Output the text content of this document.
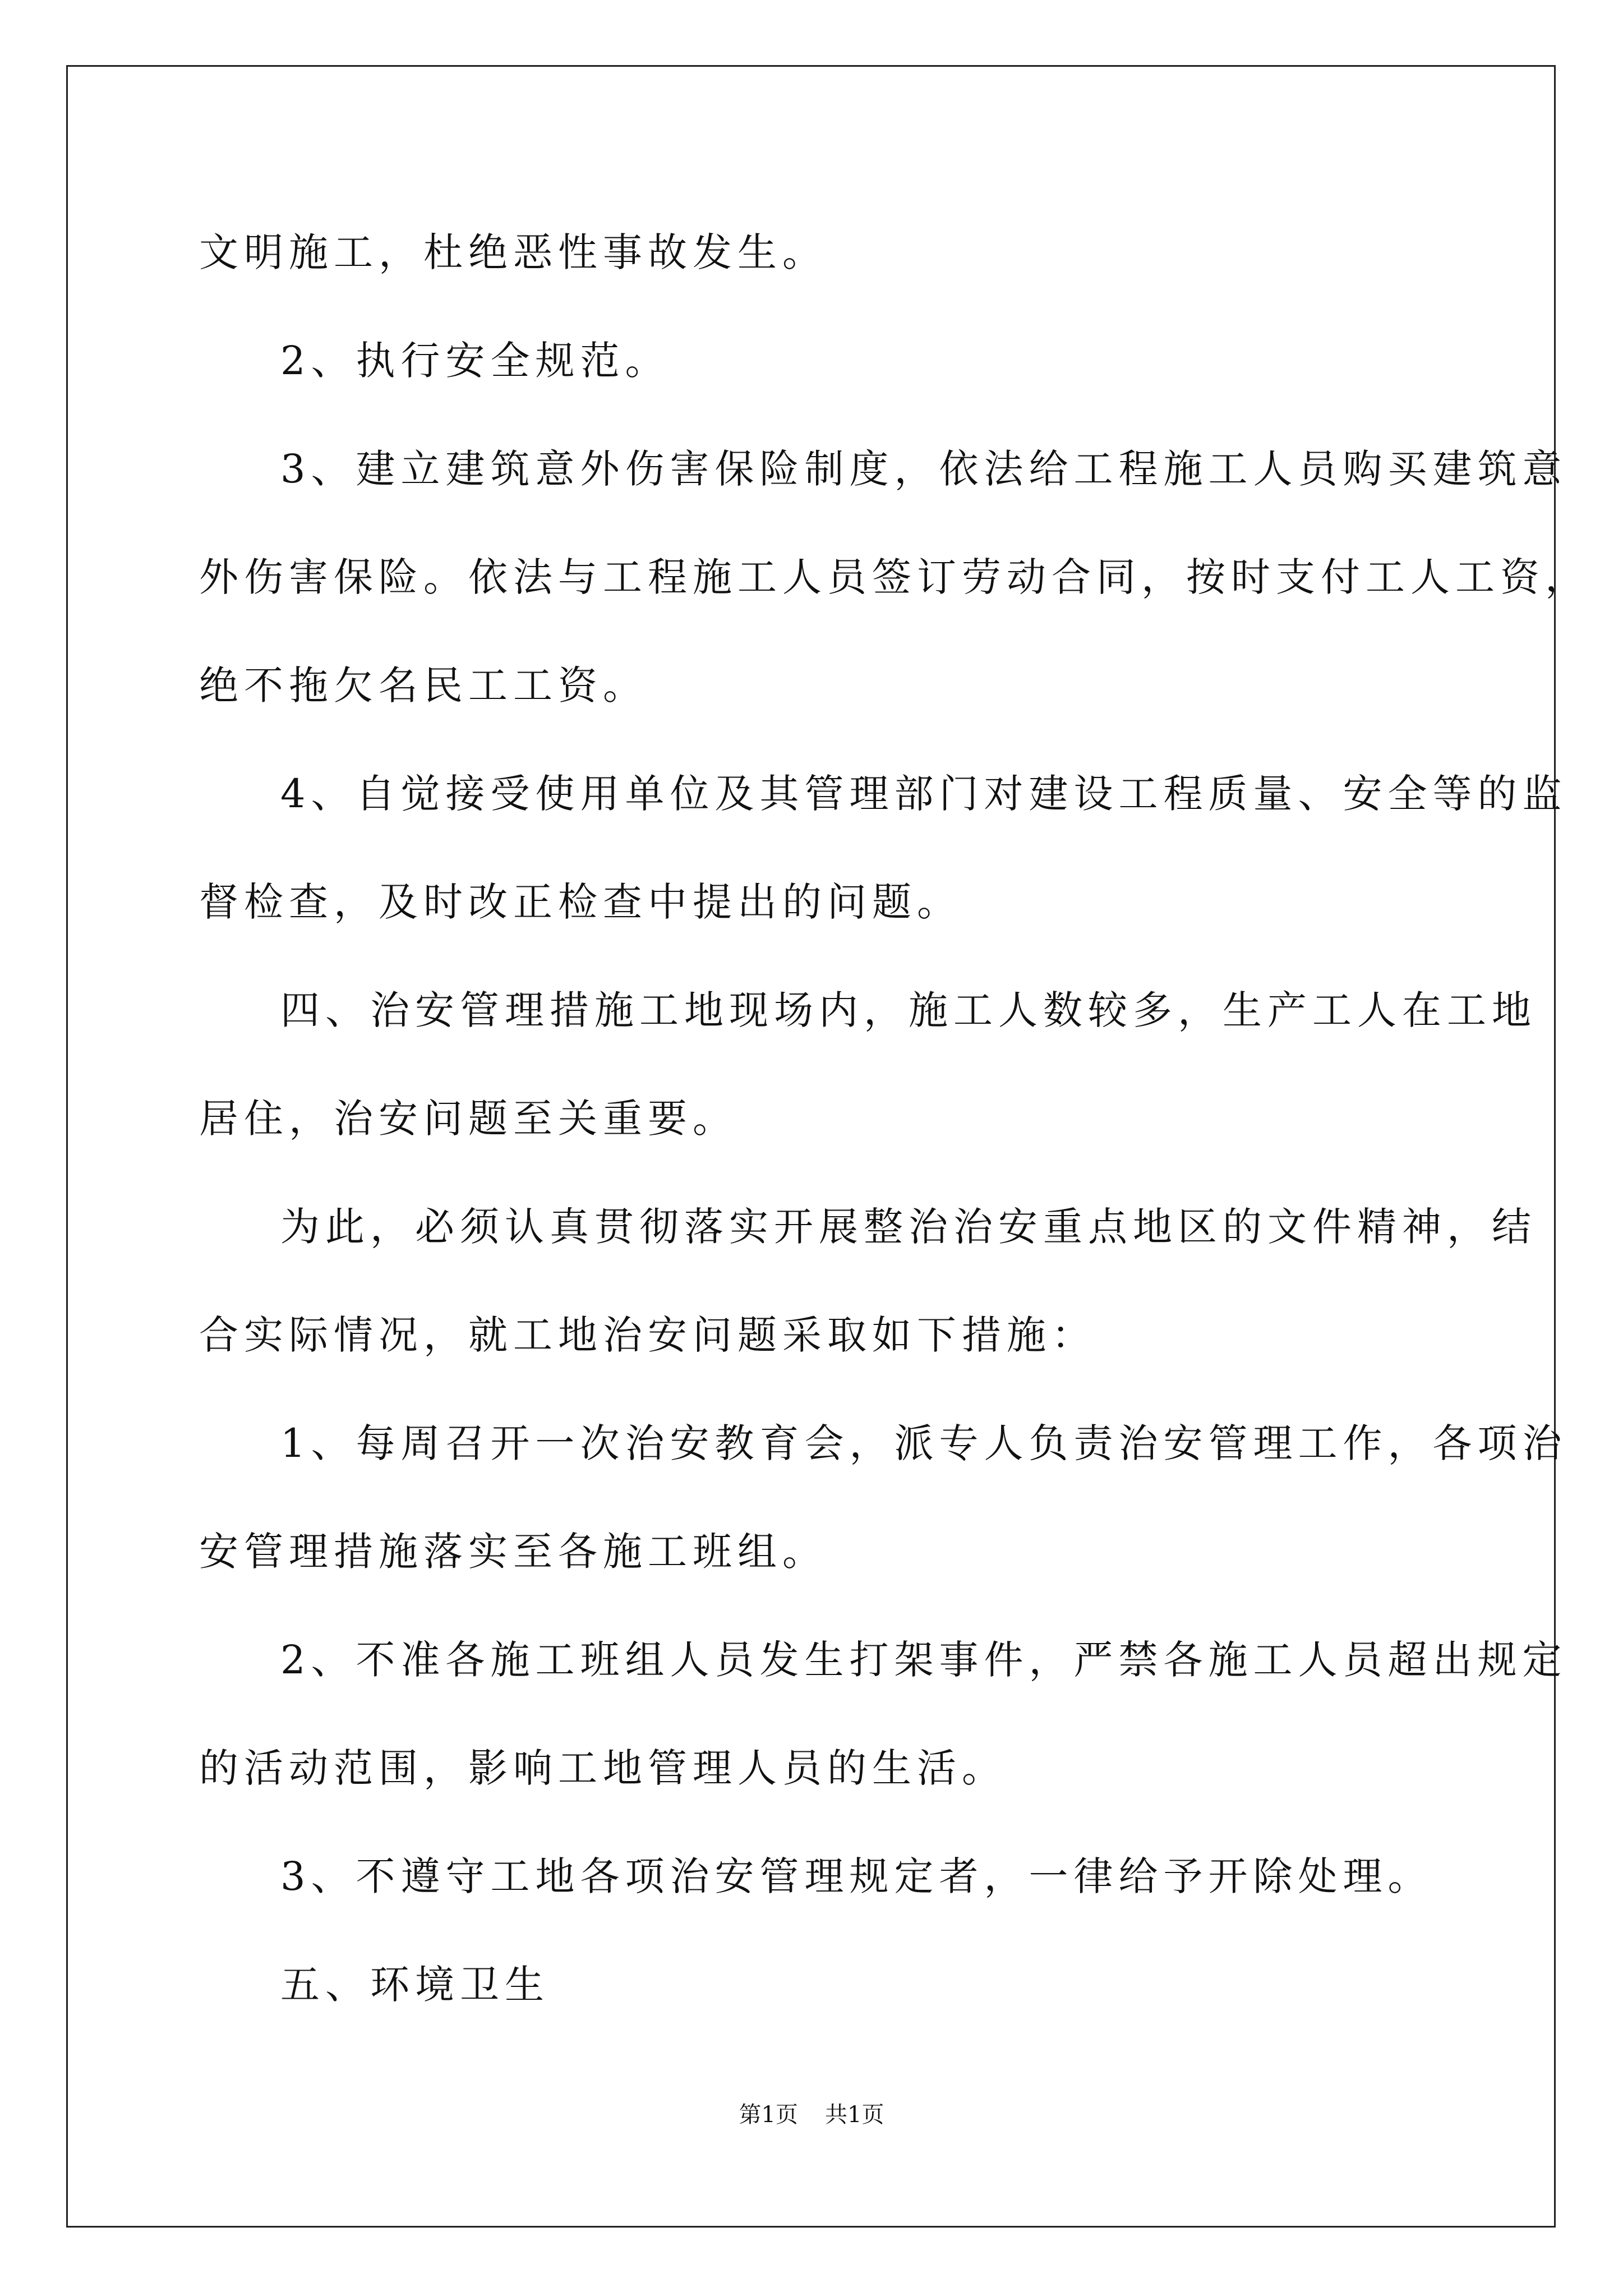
文明施工，杜绝恶性事故发生。
2、执行安全规范。
3、建立建筑意外伤害保险制度，依法给工程施工人员购买建筑意
外伤害保险。依法与工程施工人员签订劳动合同，按时支付工人工资，
绝不拖欠名民工工资。
4、自觉接受使用单位及其管理部门对建设工程质量、安全等的监
督检查，及时改正检查中提出的问题。
四、治安管理措施工地现场内，施工人数较多，生产工人在工地
居住，治安问题至关重要。
为此，必须认真贯彻落实开展整治治安重点地区的文件精神，结
合实际情况，就工地治安问题采取如下措施：
1、每周召开一次治安教育会，派专人负责治安管理工作，各项治
安管理措施落实至各施工班组。
2、不准各施工班组人员发生打架事件，严禁各施工人员超出规定
的活动范围，影响工地管理人员的生活。
3、不遵守工地各项治安管理规定者，一律给予开除处理。
五、环境卫生
第1页 共1页
